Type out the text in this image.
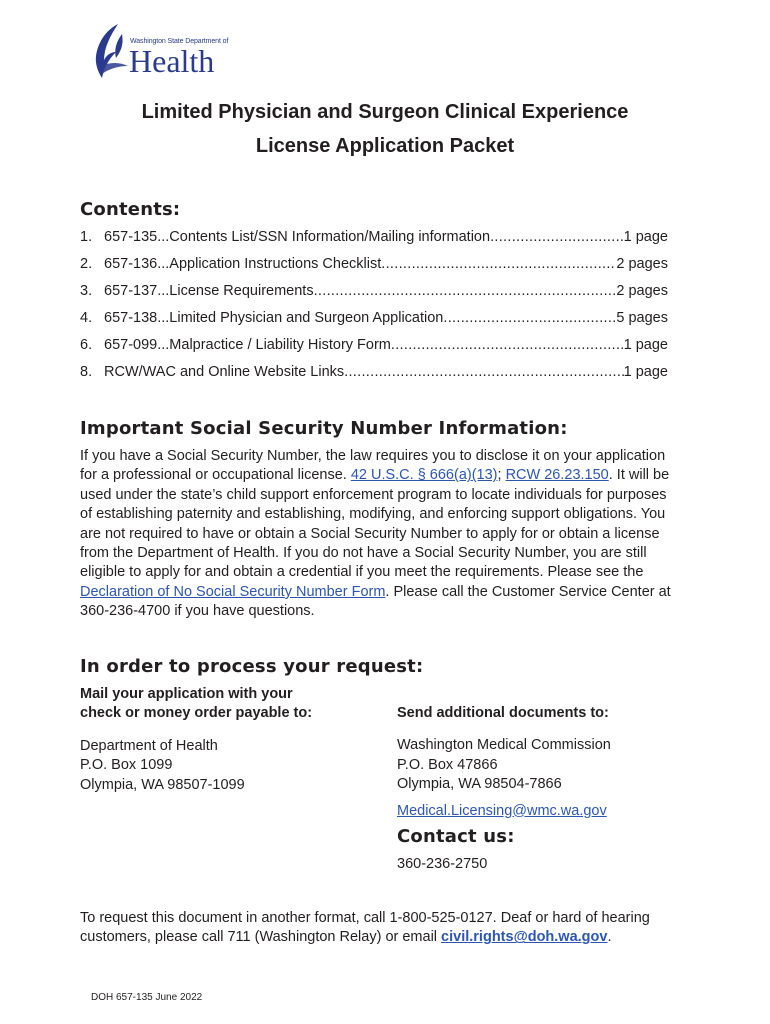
Washington State Department of
Health
Limited Physician and Surgeon Clinical Experience
License Application Packet
Contents:
1. 657-135...Contents List/SSN Information/Mailing information .....	1 page
2. 657-136...Application Instructions Checklist .....	2 pages
3. 657-137...License Requirements .....	2 pages
4. 657-138...Limited Physician and Surgeon Application .....	5 pages
6. 657-099...Malpractice / Liability History Form .....	1 page
8. RCW/WAC and Online Website Links .....	1 page
Important Social Security Number Information:

If you have a Social Security Number, the law requires you to disclose it on your application for a professional or occupational license. 42 U.S.C. § 666(a)(13); RCW 26.23.150. It will be used under the state’s child support enforcement program to locate individuals for purposes of establishing paternity and establishing, modifying, and enforcing support obligations. You are not required to have or obtain a Social Security Number to apply for or obtain a license from the Department of Health. If you do not have a Social Security Number, you are still eligible to apply for and obtain a credential if you meet the requirements. Please see the Declaration of No Social Security Number Form. Please call the Customer Service Center at 360-236-4700 if you have questions.

In order to process your request:
Mail your application with your
check or money order payable to:
Department of Health
P.O. Box 1099
Olympia, WA 98507-1099
Send additional documents to:
Washington Medical Commission
P.O. Box 47866
Olympia, WA 98504-7866
Medical.Licensing@wmc.wa.gov
Contact us:
360-236-2750

To request this document in another format, call 1-800-525-0127. Deaf or hard of hearing customers, please call 711 (Washington Relay) or email civil.rights@doh.wa.gov.

DOH 657-135 June 2022
